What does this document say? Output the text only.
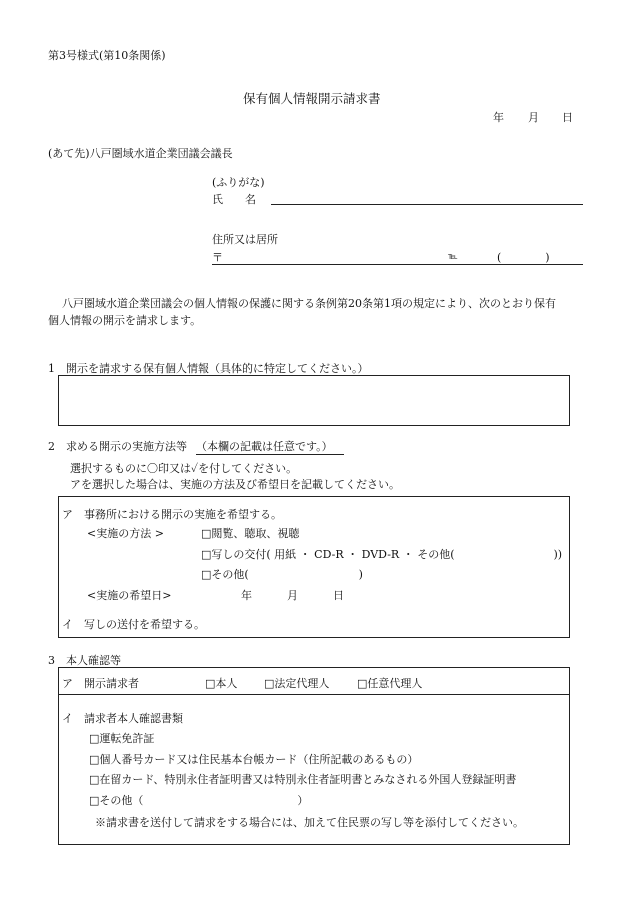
第3号様式(第10条関係)
保有個人情報開示請求書
年 月 日
(あて先)八戸圏域水道企業団議会議長
(ふりがな)
氏　　名
住所又は居所
〒	℡	(　　　　)
八戸圏域水道企業団議会の個人情報の保護に関する条例第20条第1項の規定により、次のとおり保有
個人情報の開示を請求します。
1　開示を請求する保有個人情報（具体的に特定してください。）
2　求める開示の実施方法等 （本欄の記載は任意です。）
選択するものに〇印又は✓を付してください。
アを選択した場合は、実施の方法及び希望日を記載してください。
ア　事務所における開示の実施を希望する。
<実施の方法 >	□閲覧、聴取、視聴
□写しの交付( 用紙 ・ CD-R ・ DVD-R ・ その他(　　　　　　　　　))
□その他(　　　　　　　　　　)
<実施の希望日>	年	月	日
イ　写しの送付を希望する。
3　本人確認等
ア　開示請求者	□本人 □法定代理人	□任意代理人
イ　請求者本人確認書類
□運転免許証
□個人番号カード又は住民基本台帳カード（住所記載のあるもの）
□在留カード、特別永住者証明書又は特別永住者証明書とみなされる外国人登録証明書
□その他（　　　　　　　　　　　　　　）
※請求書を送付して請求をする場合には、加えて住民票の写し等を添付してください。
